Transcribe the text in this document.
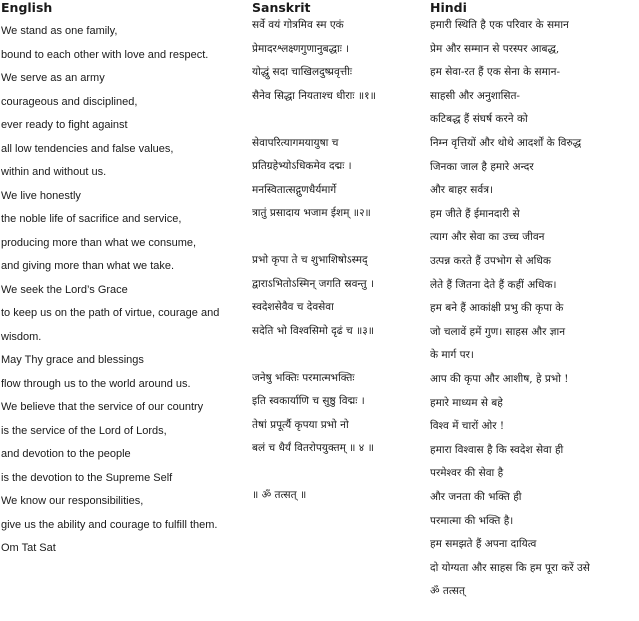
English
We stand as one family,
bound to each other with love and respect.
We serve as an army
courageous and disciplined,
ever ready to fight against
all low tendencies and false values,
within and without us.
We live honestly
the noble life of sacrifice and service,
producing more than what we consume,
and giving more than what we take.
We seek the Lord’s Grace
to keep us on the path of virtue, courage and
wisdom.
May Thy grace and blessings
flow through us to the world around us.
We believe that the service of our country
is the service of the Lord of Lords,
and devotion to the people
is the devotion to the Supreme Self
We know our responsibilities,
give us the ability and courage to fulfill them.
Om Tat Sat
Sanskrit
सर्वे वयं गोत्रमिव स्म एकं
प्रेमादरश्लक्ष्णगुणानुबद्धाः ।
योद्धुं सदा चाखिलदुष्प्रवृत्तीः
सैनेव सिद्धा नियताश्च धीराः ॥१॥
सेवापरित्यागमयायुषा च
प्रतिग्रहेभ्योऽधिकमेव दद्मः ।
मनस्वितात्सद्गुणधैर्यमार्गे
त्रातुं प्रसादाय भजाम ईशम् ॥२॥
प्रभो कृपा ते च शुभाशिषोऽस्मद्
द्वाराऽभितोऽस्मिन् जगति स्रवन्तु ।
स्वदेशसेवैव च देवसेवा
सदेति भो विश्वसिमो दृढं च ॥३॥
जनेषु भक्तिः परमात्मभक्तिः
इति स्वकार्याणि च सुष्ठु विद्मः ।
तेषां प्रपूर्त्यै कृपया प्रभो नो
बलं च धैर्यं वितरोपयुक्तम् ॥ ४ ॥
॥ ॐ तत्सत् ॥
Hindi
हमारी स्थिति है एक परिवार के समान
प्रेम और सम्मान से परस्पर आबद्ध,
हम सेवा-रत हैं एक सेना के समान-
साहसी और अनुशासित-
कटिबद्ध हैं संघर्ष करने को
निम्न वृत्तियों और थोथे आदर्शों के विरुद्ध
जिनका जाल है हमारे अन्दर
और बाहर सर्वत्र।
हम जीते हैं ईमानदारी से
त्याग और सेवा का उच्च जीवन
उत्पन्न करते हैं उपभोग से अधिक
लेते हैं जितना देते हैं कहीं अधिक।
हम बने हैं आकांक्षी प्रभु की कृपा के
जो चलावें हमें गुण। साहस और ज्ञान
के मार्ग पर।
आप की कृपा और आशीष, हे प्रभो !
हमारे माध्यम से बहे
विश्व में चारों ओर !
हमारा विश्वास है कि स्वदेश सेवा ही
परमेश्वर की सेवा है
और जनता की भक्ति ही
परमात्मा की भक्ति है।
हम समझते हैं अपना दायित्व
दो योग्यता और साहस कि हम पूरा करें उसे
ॐ तत्सत्
